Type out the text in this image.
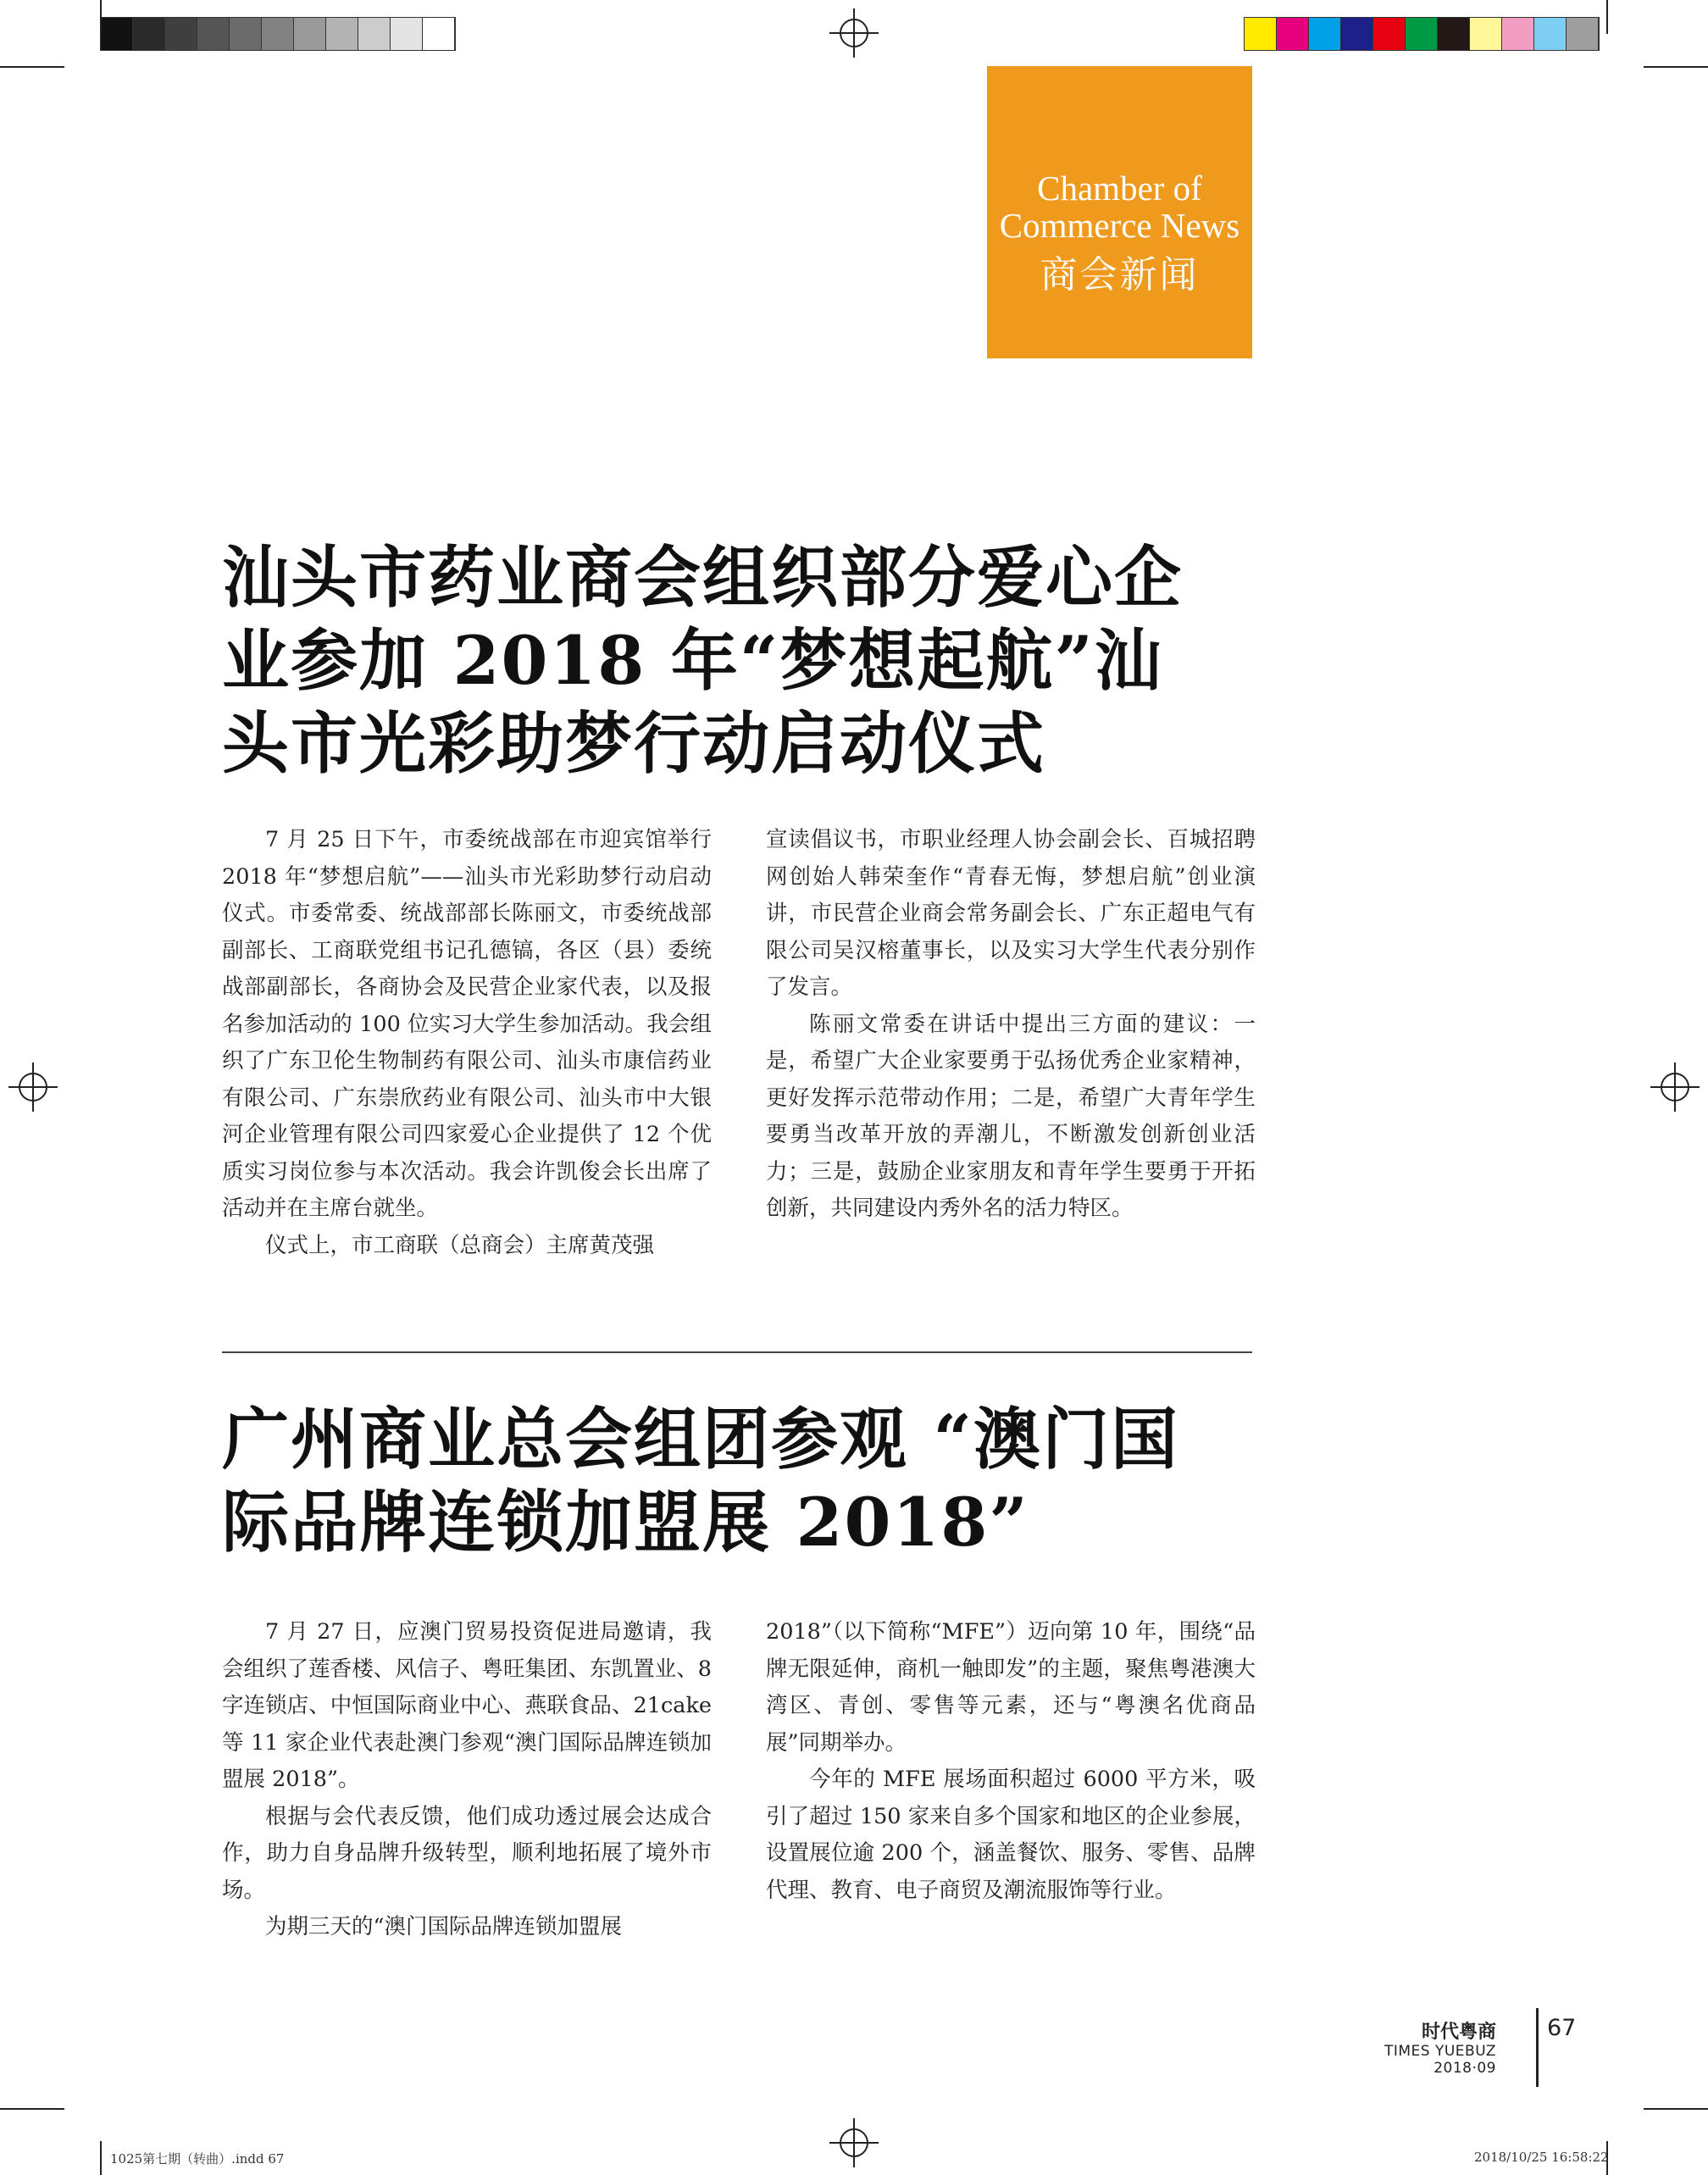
Chamber of
Commerce News
商会新闻
汕头市药业商会组织部分爱心企
业参加 2018 年“梦想起航”汕
头市光彩助梦行动启动仪式

7 月 25 日下午，市委统战部在市迎宾馆举行 2018 年“梦想启航”——汕头市光彩助梦行动启动仪式。市委常委、统战部部长陈丽文，市委统战部副部长、工商联党组书记孔德镐，各区（县）委统战部副部长，各商协会及民营企业家代表，以及报名参加活动的 100 位实习大学生参加活动。我会组织了广东卫伦生物制药有限公司、汕头市康信药业有限公司、广东崇欣药业有限公司、汕头市中大银河企业管理有限公司四家爱心企业提供了 12 个优质实习岗位参与本次活动。我会许凯俊会长出席了活动并在主席台就坐。

仪式上，市工商联（总商会）主席黄茂强

宣读倡议书，市职业经理人协会副会长、百城招聘网创始人韩荣奎作“青春无悔，梦想启航”创业演讲，市民营企业商会常务副会长、广东正超电气有限公司吴汉榕董事长，以及实习大学生代表分别作了发言。

陈丽文常委在讲话中提出三方面的建议：一是，希望广大企业家要勇于弘扬优秀企业家精神，更好发挥示范带动作用；二是，希望广大青年学生要勇当改革开放的弄潮儿，不断激发创新创业活力；三是，鼓励企业家朋友和青年学生要勇于开拓创新，共同建设内秀外名的活力特区。

广州商业总会组团参观 “澳门国
际品牌连锁加盟展 2018”

7 月 27 日，应澳门贸易投资促进局邀请，我会组织了莲香楼、风信子、粤旺集团、东凯置业、8 字连锁店、中恒国际商业中心、燕联食品、21cake 等 11 家企业代表赴澳门参观“澳门国际品牌连锁加盟展 2018”。

根据与会代表反馈，他们成功透过展会达成合作，助力自身品牌升级转型，顺利地拓展了境外市场。

为期三天的“澳门国际品牌连锁加盟展

2018”（以下简称“MFE”）迈向第 10 年，围绕“品牌无限延伸，商机一触即发”的主题，聚焦粤港澳大湾区、青创、零售等元素，还与“粤澳名优商品展”同期举办。

今年的 MFE 展场面积超过 6000 平方米，吸引了超过 150 家来自多个国家和地区的企业参展，设置展位逾 200 个，涵盖餐饮、服务、零售、品牌代理、教育、电子商贸及潮流服饰等行业。

时代粤商
TIMES YUEBUZ 2018·09
67
1025第七期（转曲）.indd 67	2018/10/25 16:58:22
